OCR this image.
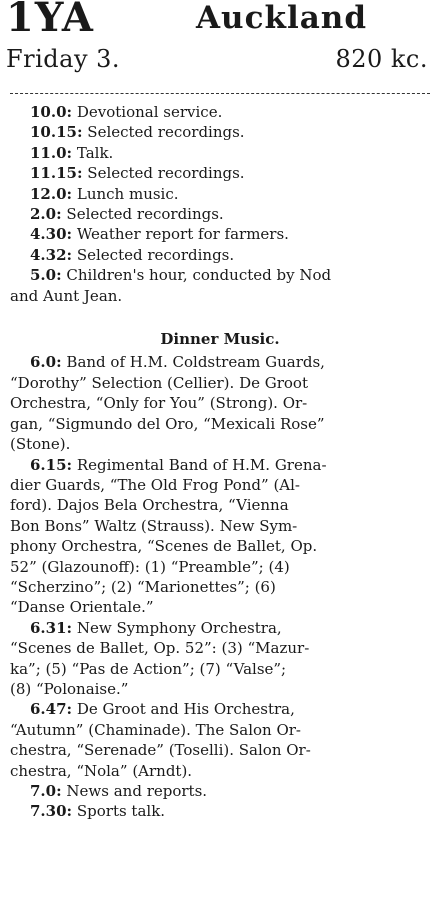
1YA	Auckland
Friday 3.	820 kc.
10.0: Devotional service.
10.15: Selected recordings.
11.0: Talk.
11.15: Selected recordings.
12.0: Lunch music.
2.0: Selected recordings.
4.30: Weather report for farmers.
4.32: Selected recordings.
5.0: Children's hour, conducted by Nod
and Aunt Jean.
Dinner Music.
6.0: Band of H.M. Coldstream Guards,
“Dorothy” Selection (Cellier). De Groot
Orchestra, “Only for You” (Strong). Or-
gan, “Sigmundo del Oro, “Mexicali Rose”
(Stone).
6.15: Regimental Band of H.M. Grena-
dier Guards, “The Old Frog Pond” (Al-
ford). Dajos Bela Orchestra, “Vienna
Bon Bons” Waltz (Strauss). New Sym-
phony Orchestra, “Scenes de Ballet, Op.
52” (Glazounoff): (1) “Preamble”; (4)
“Scherzino”; (2) “Marionettes”; (6)
“Danse Orientale.”
6.31: New Symphony Orchestra,
“Scenes de Ballet, Op. 52”: (3) “Mazur-
ka”; (5) “Pas de Action”; (7) “Valse”;
(8) “Polonaise.”
6.47: De Groot and His Orchestra,
“Autumn” (Chaminade). The Salon Or-
chestra, “Serenade” (Toselli). Salon Or-
chestra, “Nola” (Arndt).
7.0: News and reports.
7.30: Sports talk.
